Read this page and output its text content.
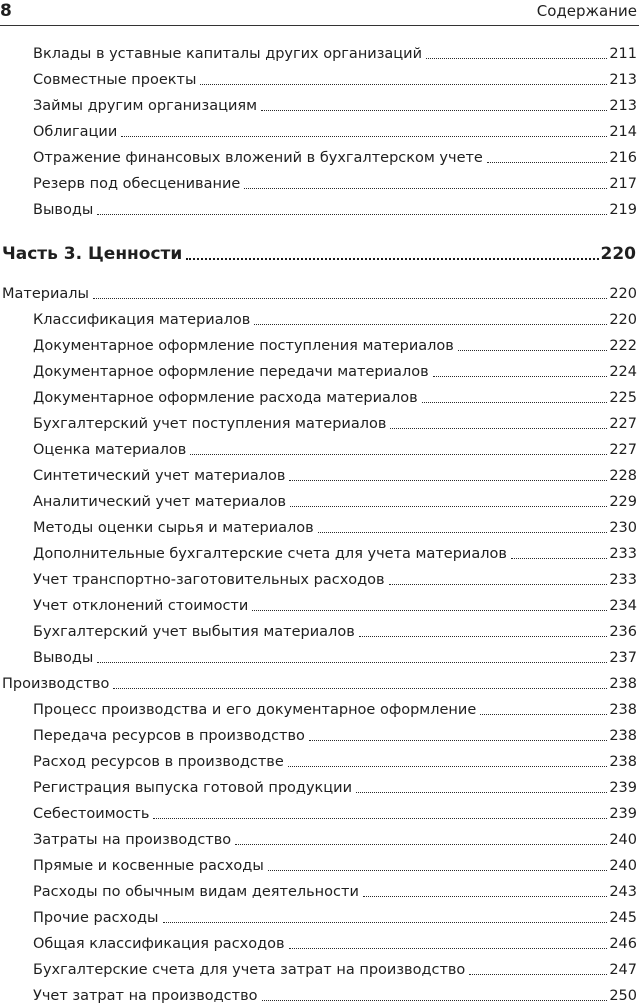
8	Содержание
Вклады в уставные капиталы других организаций	211
Совместные проекты	213
Займы другим организациям	213
Облигации	214
Отражение финансовых вложений в бухгалтерском учете	216
Резерв под обесценивание	217
Выводы	219
Часть 3. Ценности	220
Материалы	220
Классификация материалов	220
Документарное оформление поступления материалов	222
Документарное оформление передачи материалов	224
Документарное оформление расхода материалов	225
Бухгалтерский учет поступления материалов	227
Оценка материалов	227
Синтетический учет материалов	228
Аналитический учет материалов	229
Методы оценки сырья и материалов	230
Дополнительные бухгалтерские счета для учета материалов	233
Учет транспортно-заготовительных расходов	233
Учет отклонений стоимости	234
Бухгалтерский учет выбытия материалов	236
Выводы	237
Производство	238
Процесс производства и его документарное оформление	238
Передача ресурсов в производство	238
Расход ресурсов в производстве	238
Регистрация выпуска готовой продукции	239
Себестоимость	239
Затраты на производство	240
Прямые и косвенные расходы	240
Расходы по обычным видам деятельности	243
Прочие расходы	245
Общая классификация расходов	246
Бухгалтерские счета для учета затрат на производство	247
Учет затрат на производство	250
